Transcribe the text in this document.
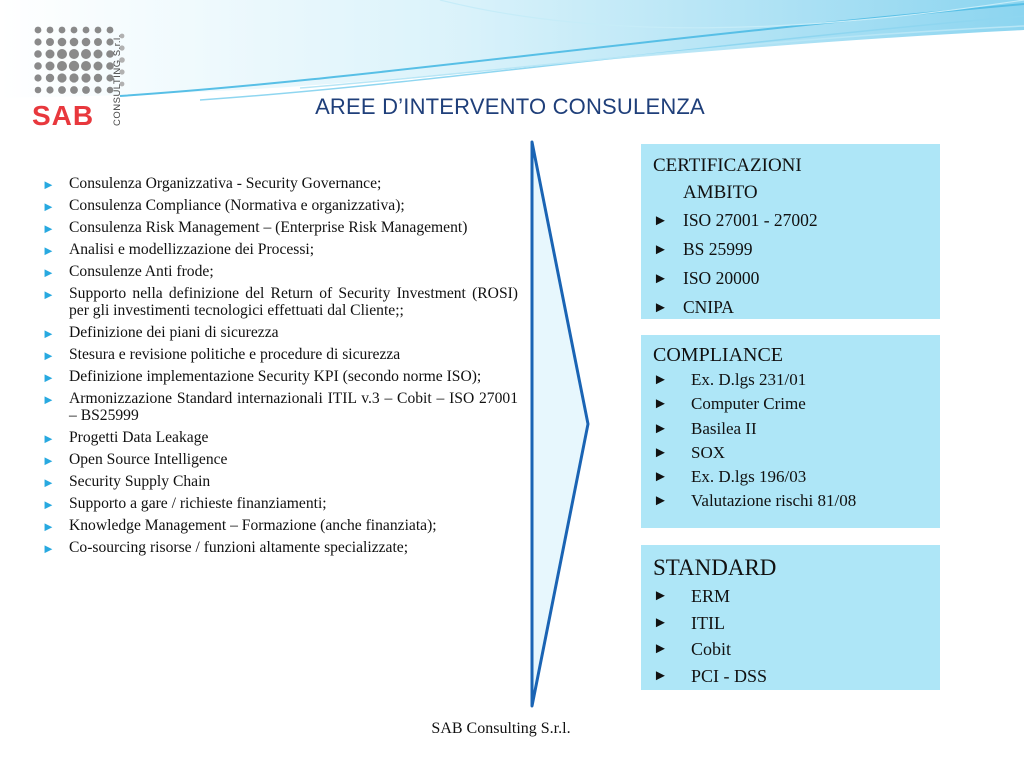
SAB CONSULTING S.r.l.	AREE D’INTERVENTO CONSULENZA
► Consulenza Organizzativa - Security Governance;
► Consulenza Compliance (Normativa e organizzativa);
► Consulenza Risk Management – (Enterprise Risk Management)
► Analisi e modellizzazione dei Processi;
► Consulenze Anti frode;
► Supporto nella definizione del Return of Security Investment (ROSI) per gli investimenti tecnologici effettuati dal Cliente;;
► Definizione dei piani di sicurezza
► Stesura e revisione politiche e procedure di sicurezza
► Definizione implementazione Security KPI (secondo norme ISO);
► Armonizzazione Standard internazionali ITIL v.3 – Cobit – ISO 27001 – BS25999
► Progetti Data Leakage
► Open Source Intelligence
► Security Supply Chain
► Supporto a gare / richieste finanziamenti;
► Knowledge Management – Formazione (anche finanziata);
► Co-sourcing risorse / funzioni altamente specializzate;
CERTIFICAZIONI
AMBITO
► ISO 27001 - 27002
► BS 25999
► ISO 20000
► CNIPA
COMPLIANCE
► Ex. D.lgs 231/01
► Computer Crime
► Basilea II
► SOX
► Ex. D.lgs 196/03
► Valutazione rischi 81/08
STANDARD
► ERM
► ITIL
► Cobit
► PCI - DSS
SAB Consulting S.r.l.
